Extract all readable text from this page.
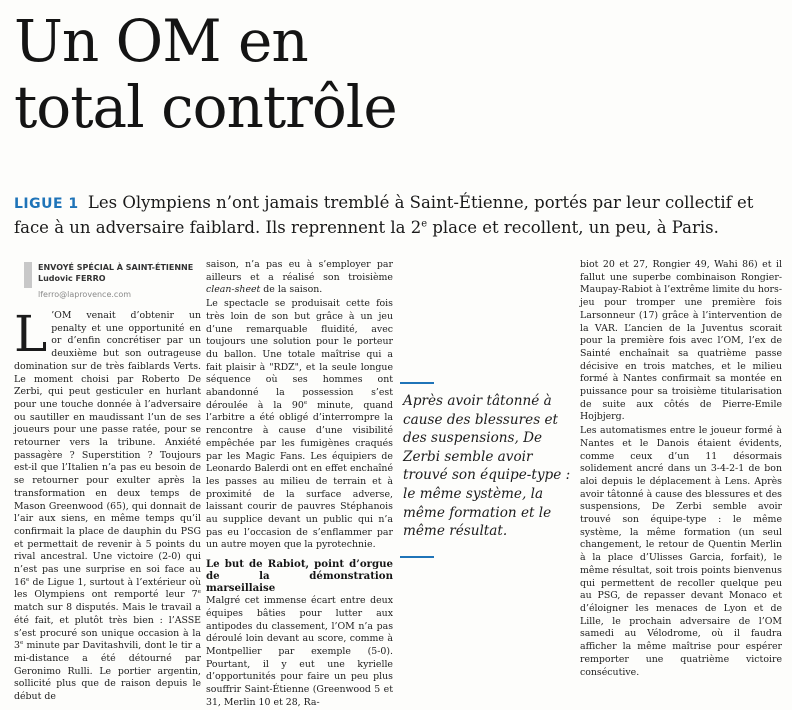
Un OM en
total contrôle

LIGUE 1 Les Olympiens n’ont jamais tremblé à Saint-Étienne, portés par leur collectif et face à un adversaire faiblard. Ils reprennent la 2e place et recollent, un peu, à Paris.

ENVOYÉ SPÉCIAL À SAINT-ÉTIENNE
Ludovic FERRO
lferro@laprovence.com

L ’OM venait d’obtenir un penalty et une opportunité en or d’enfin concrétiser par un deuxième but son outrageuse domination sur de très faiblards Verts. Le moment choisi par Roberto De Zerbi, qui peut gesticuler en hurlant pour une touche donnée à l’adversaire ou sautiller en maudissant l’un de ses joueurs pour une passe ratée, pour se retourner vers la tribune. Anxiété passagère ? Superstition ? Toujours est-il que l’Italien n’a pas eu besoin de se retourner pour exulter après la transformation en deux temps de Mason Greenwood (65), qui donnait de l’air aux siens, en même temps qu’il confirmait la place de dauphin du PSG et permettait de revenir à 5 points du rival ancestral. Une victoire (2-0) qui n’est pas une surprise en soi face au 16e de Ligue 1, surtout à l’extérieur où les Olympiens ont remporté leur 7e match sur 8 disputés. Mais le travail a été fait, et plutôt très bien : l’ASSE s’est procuré son unique occasion à la 3e minute par Davitashvili, dont le tir a mi-distance a été détourné par Geronimo Rulli. Le portier argentin, sollicité plus que de raison depuis le début de

saison, n’a pas eu à s’employer par ailleurs et a réalisé son troisième clean-sheet de la saison.

Le spectacle se produisait cette fois très loin de son but grâce à un jeu d’une remarquable fluidité, avec toujours une solution pour le porteur du ballon. Une totale maîtrise qui a fait plaisir à "RDZ", et la seule longue séquence où ses hommes ont abandonné la possession s’est déroulée à la 90e minute, quand l’arbitre a été obligé d’interrompre la rencontre à cause d’une visibilité empêchée par les fumigènes craqués par les Magic Fans. Les équipiers de Leonardo Balerdi ont en effet enchaîné les passes au milieu de terrain et à proximité de la surface adverse, laissant courir de pauvres Stéphanois au supplice devant un public qui n’a pas eu l’occasion de s’enflammer par un autre moyen que la pyrotechnie.

Le but de Rabiot, point d’orgue de la démonstration marseillaise

Malgré cet immense écart entre deux équipes bâties pour lutter aux antipodes du classement, l’OM n’a pas déroulé loin devant au score, comme à Montpellier par exemple (5-0). Pourtant, il y eut une kyrielle d’opportunités pour faire un peu plus souffrir Saint-Étienne (Greenwood 5 et 31, Merlin 10 et 28, Ra-

Après avoir tâtonné à cause des blessures et des suspensions, De Zerbi semble avoir trouvé son équipe-type : le même système, la même formation et le même résultat.

biot 20 et 27, Rongier 49, Wahi 86) et il fallut une superbe combinaison Rongier-Maupay-Rabiot à l’extrême limite du hors-jeu pour tromper une première fois Larsonneur (17) grâce à l’intervention de la VAR. L’ancien de la Juventus scorait pour la première fois avec l’OM, l’ex de Sainté enchaînait sa quatrième passe décisive en trois matches, et le milieu formé à Nantes confirmait sa montée en puissance pour sa troisième titularisation de suite aux côtés de Pierre-Emile Hojbjerg.

Les automatismes entre le joueur formé à Nantes et le Danois étaient évidents, comme ceux d’un 11 désormais solidement ancré dans un 3-4-2-1 de bon aloi depuis le déplacement à Lens. Après avoir tâtonné à cause des blessures et des suspensions, De Zerbi semble avoir trouvé son équipe-type : le même système, la même formation (un seul changement, le retour de Quentin Merlin à la place d’Ulisses Garcia, forfait), le même résultat, soit trois points bienvenus qui permettent de recoller quelque peu au PSG, de repasser devant Monaco et d’éloigner les menaces de Lyon et de Lille, le prochain adversaire de l’OM samedi au Vélodrome, où il faudra afficher la même maîtrise pour espérer remporter une quatrième victoire consécutive.
